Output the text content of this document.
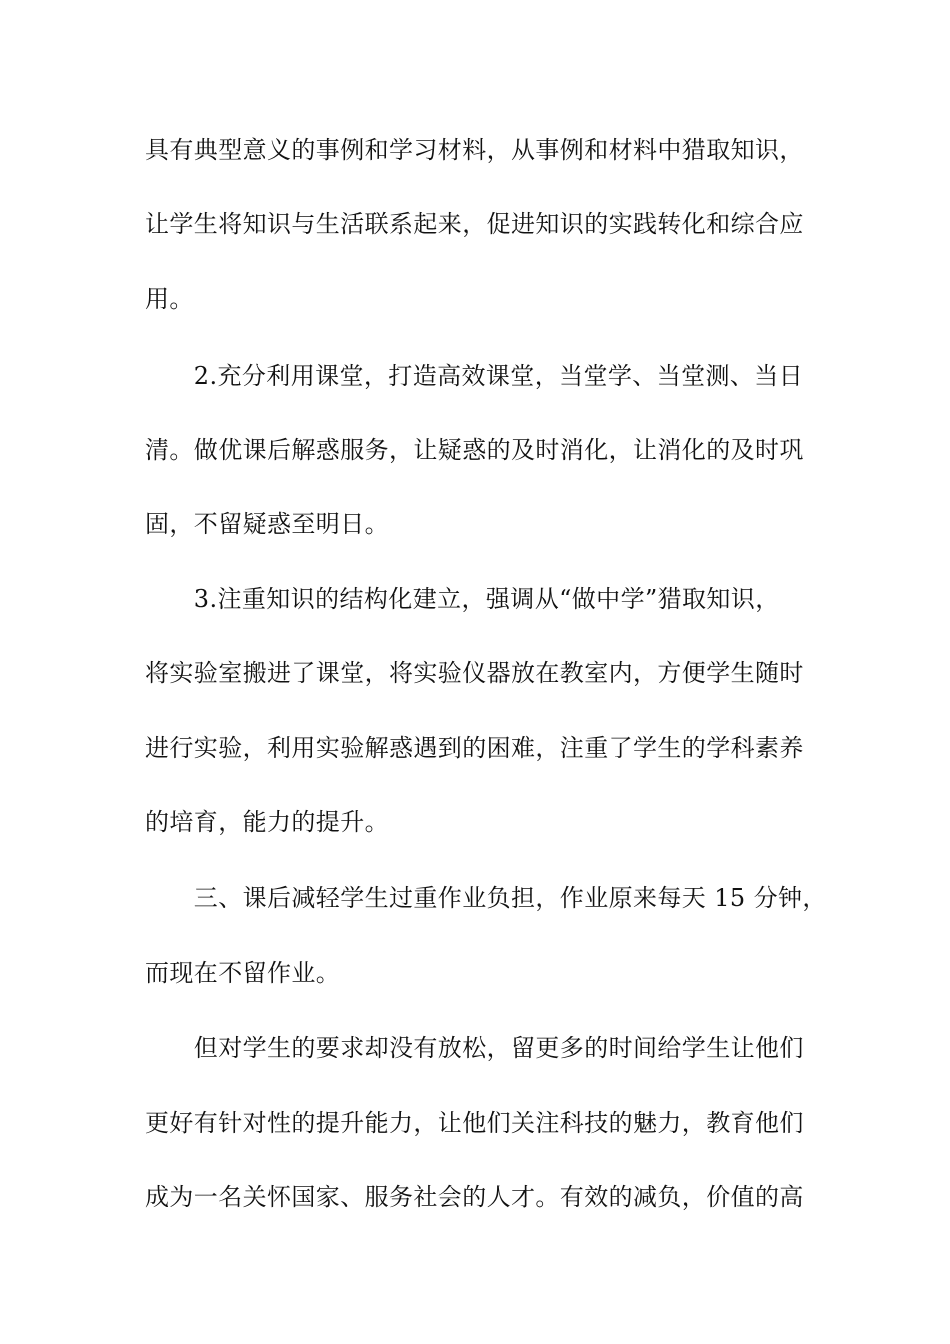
具有典型意义的事例和学习材料，从事例和材料中猎取知识，
让学生将知识与生活联系起来，促进知识的实践转化和综合应
用。
　　2.充分利用课堂，打造高效课堂，当堂学、当堂测、当日
清。做优课后解惑服务，让疑惑的及时消化，让消化的及时巩
固，不留疑惑至明日。
　　3.注重知识的结构化建立，强调从“做中学”猎取知识，
将实验室搬进了课堂，将实验仪器放在教室内，方便学生随时
进行实验，利用实验解惑遇到的困难，注重了学生的学科素养
的培育，能力的提升。
　　三、课后减轻学生过重作业负担，作业原来每天 15 分钟，
而现在不留作业。
　　但对学生的要求却没有放松，留更多的时间给学生让他们
更好有针对性的提升能力，让他们关注科技的魅力，教育他们
成为一名关怀国家、服务社会的人才。有效的减负，价值的高
